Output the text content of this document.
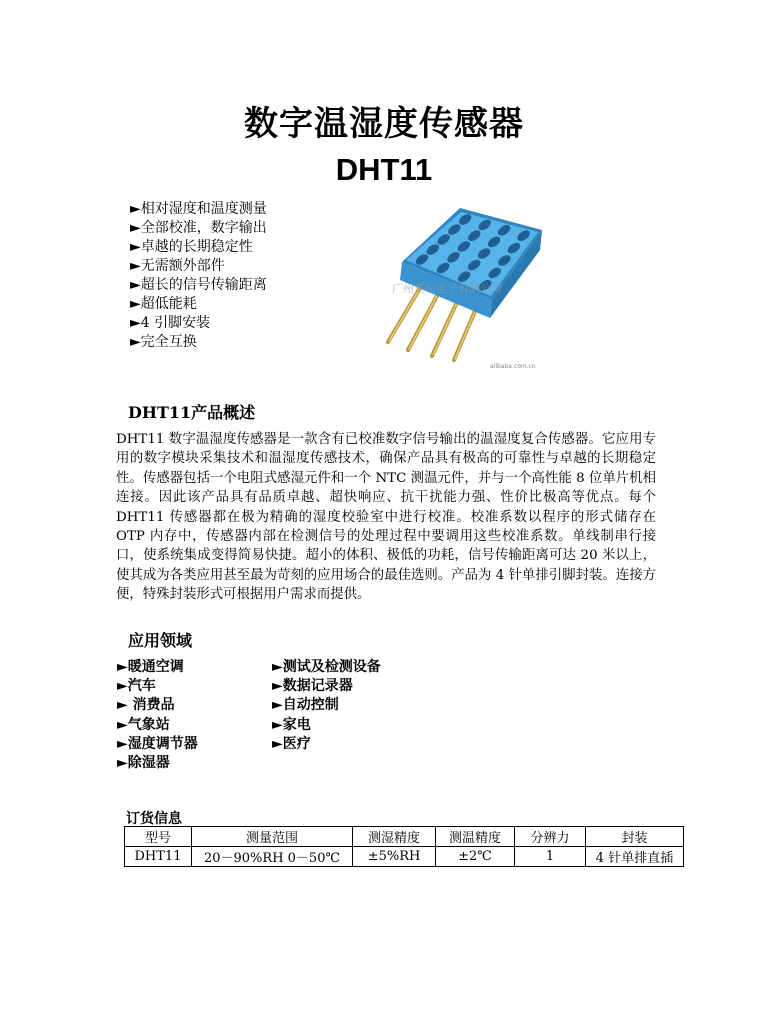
数字温湿度传感器
DHT11
►相对湿度和温度测量
►全部校准，数字输出
►卓越的长期稳定性
►无需额外部件
►超长的信号传输距离
►超低能耗
►4 引脚安装
►完全互换
广州奥松电子有限公司
alibaba.com.cn
DHT11产品概述

DHT11 数字温湿度传感器是一款含有已校准数字信号输出的温湿度复合传感器。它应用专用的数字模块采集技术和温湿度传感技术，确保产品具有极高的可靠性与卓越的长期稳定性。传感器包括一个电阻式感湿元件和一个 NTC 测温元件，并与一个高性能 8 位单片机相连接。因此该产品具有品质卓越、超快响应、抗干扰能力强、性价比极高等优点。每个 DHT11 传感器都在极为精确的湿度校验室中进行校准。校准系数以程序的形式储存在 OTP 内存中，传感器内部在检测信号的处理过程中要调用这些校准系数。单线制串行接口，使系统集成变得简易快捷。超小的体积、极低的功耗，信号传输距离可达 20 米以上，使其成为各类应用甚至最为苛刻的应用场合的最佳选则。产品为 4 针单排引脚封装。连接方便，特殊封装形式可根据用户需求而提供。

应用领域
►暖通空调	►测试及检测设备
►汽车	►数据记录器
► 消费品	►自动控制
►气象站	►家电
►湿度调节器	►医疗
►除湿器
订货信息
型号	测量范围	测湿精度	测温精度	分辨力	封装
DHT11	20－90%RH 0－50℃	±5%RH	±2℃	1	4 针单排直插
